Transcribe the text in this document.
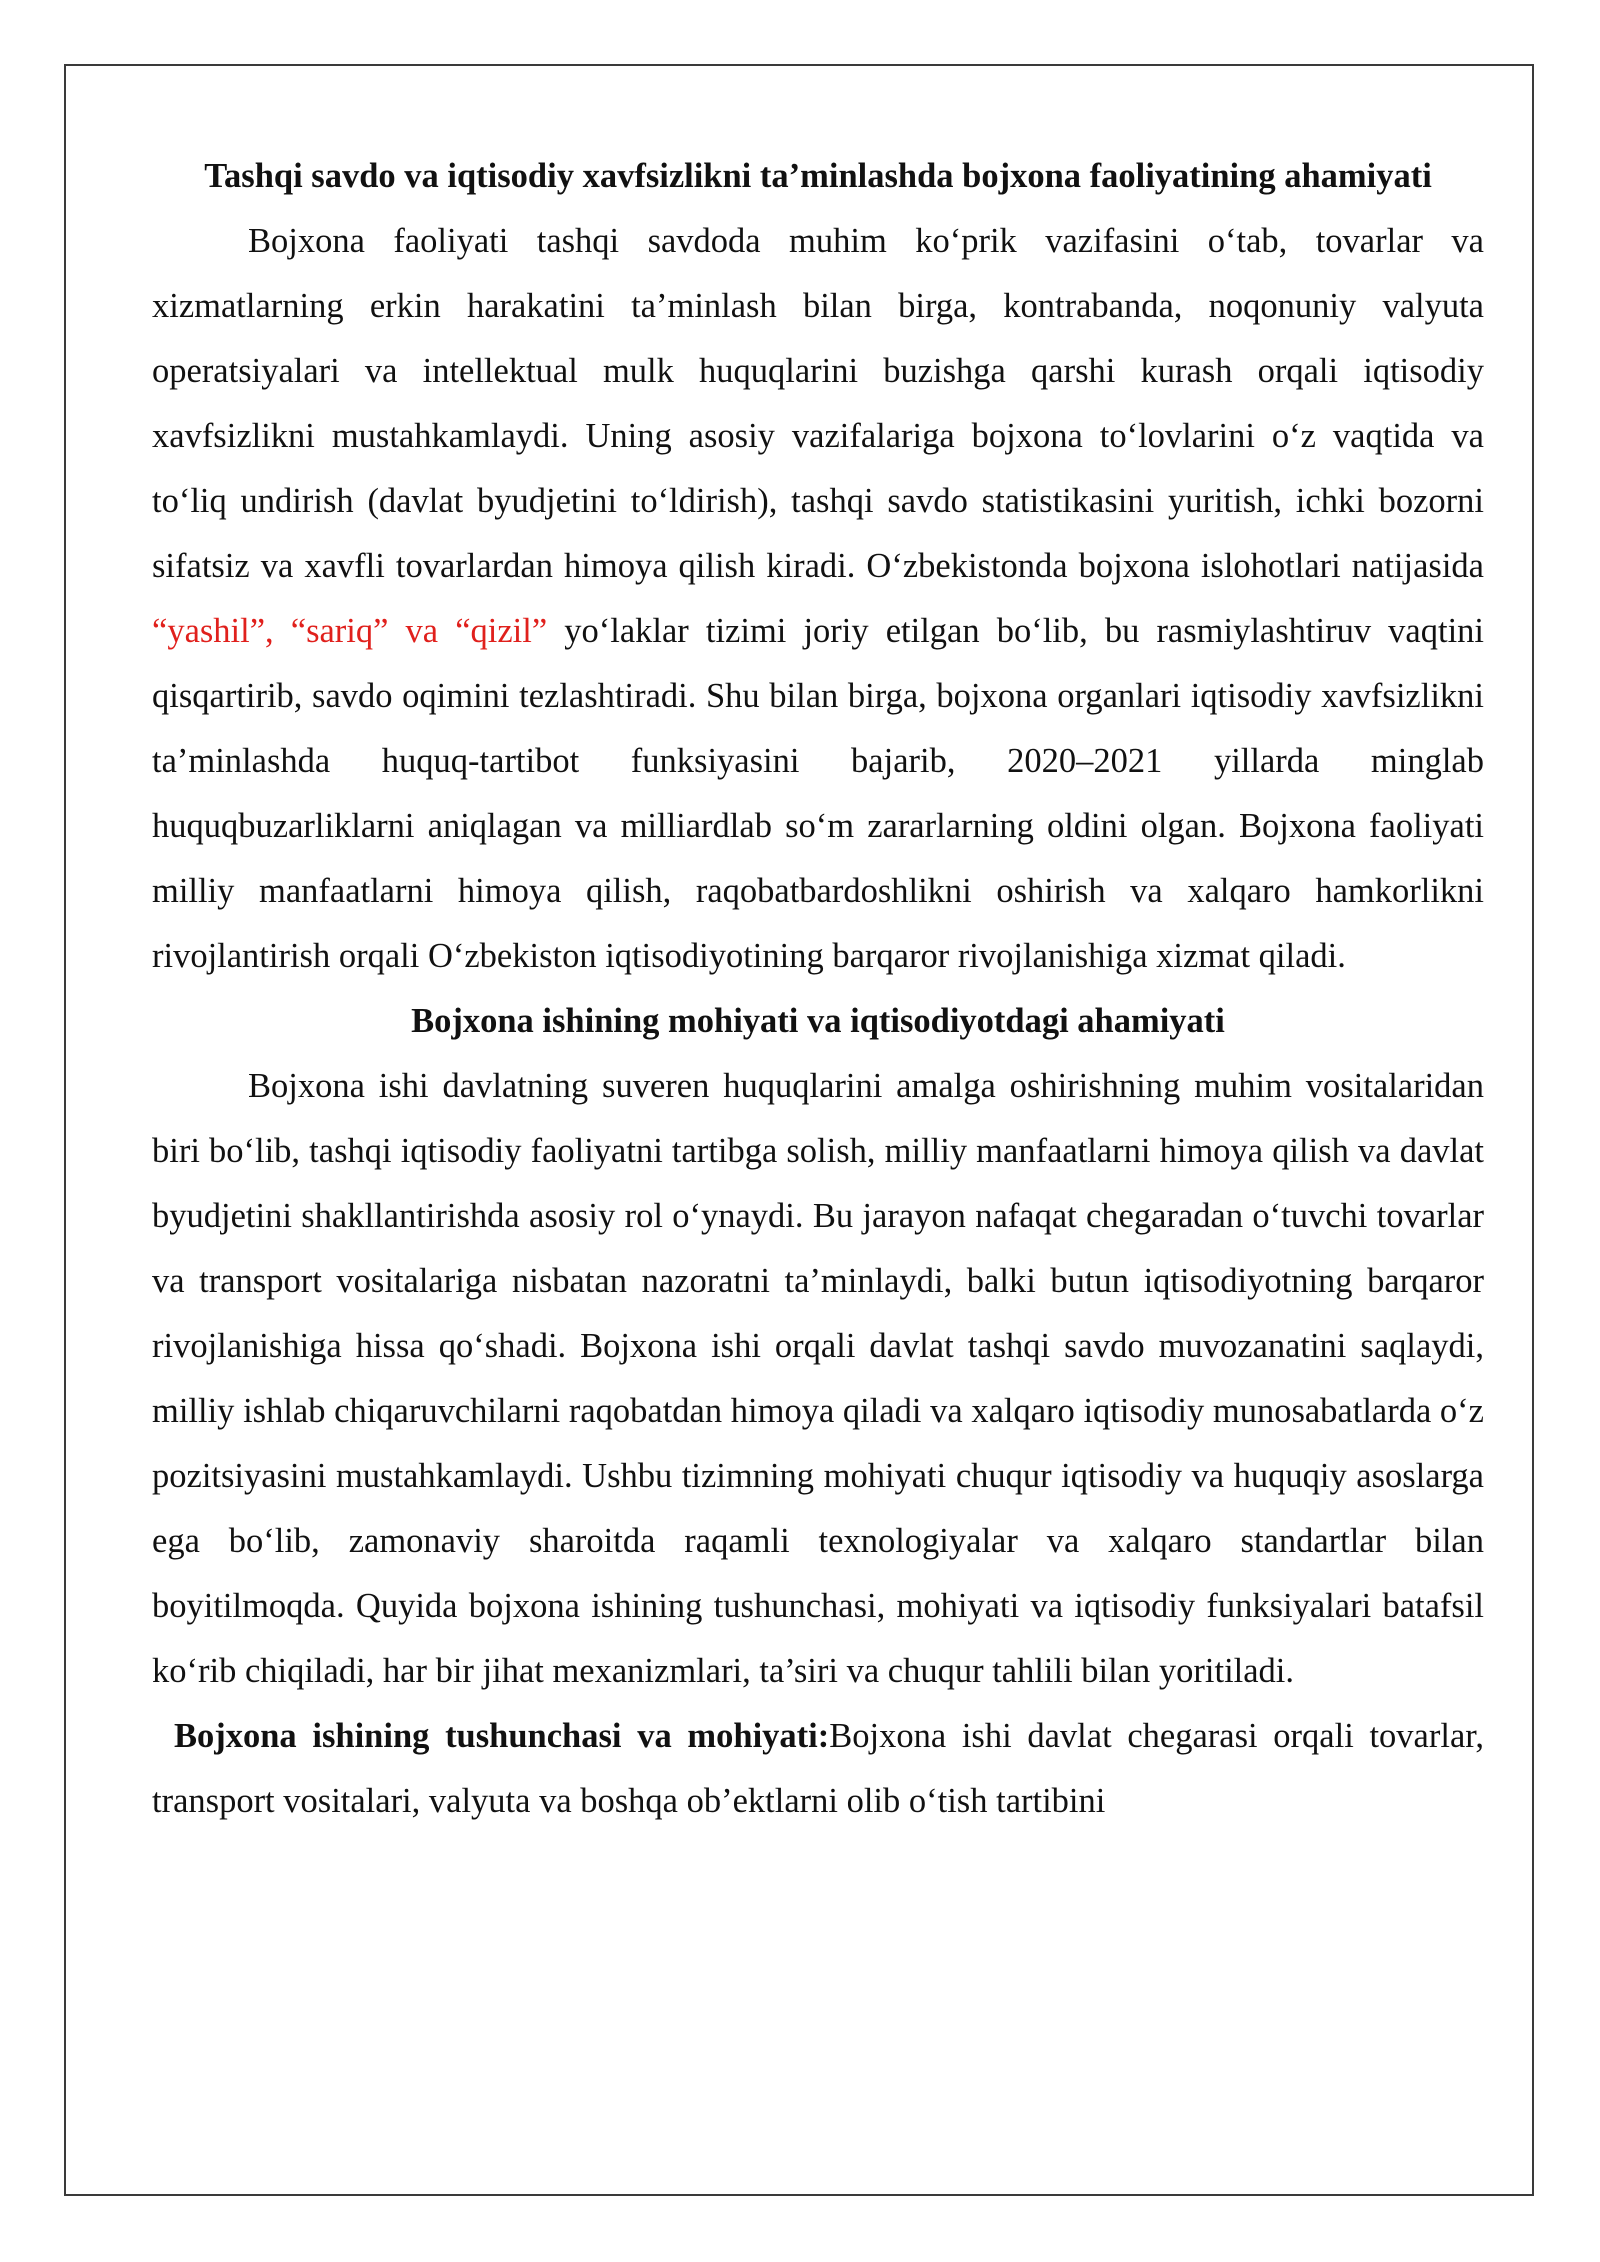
Tashqi savdo va iqtisodiy xavfsizlikni ta’minlashda bojxona faoliyatining ahamiyati

Bojxona faoliyati tashqi savdoda muhim ko‘prik vazifasini o‘tab, tovarlar va xizmatlarning erkin harakatini ta’minlash bilan birga, kontrabanda, noqonuniy valyuta operatsiyalari va intellektual mulk huquqlarini buzishga qarshi kurash orqali iqtisodiy xavfsizlikni mustahkamlaydi. Uning asosiy vazifalariga bojxona to‘lovlarini o‘z vaqtida va to‘liq undirish (davlat byudjetini to‘ldirish), tashqi savdo statistikasini yuritish, ichki bozorni sifatsiz va xavfli tovarlardan himoya qilish kiradi. O‘zbekistonda bojxona islohotlari natijasida “yashil”, “sariq” va “qizil” yo‘laklar tizimi joriy etilgan bo‘lib, bu rasmiylashtiruv vaqtini qisqartirib, savdo oqimini tezlashtiradi. Shu bilan birga, bojxona organlari iqtisodiy xavfsizlikni ta’minlashda huquq-tartibot funksiyasini bajarib, 2020–2021 yillarda minglab huquqbuzarliklarni aniqlagan va milliardlab so‘m zararlarning oldini olgan. Bojxona faoliyati milliy manfaatlarni himoya qilish, raqobatbardoshlikni oshirish va xalqaro hamkorlikni rivojlantirish orqali O‘zbekiston iqtisodiyotining barqaror rivojlanishiga xizmat qiladi.

Bojxona ishining mohiyati va iqtisodiyotdagi ahamiyati

Bojxona ishi davlatning suveren huquqlarini amalga oshirishning muhim vositalaridan biri bo‘lib, tashqi iqtisodiy faoliyatni tartibga solish, milliy manfaatlarni himoya qilish va davlat byudjetini shakllantirishda asosiy rol o‘ynaydi. Bu jarayon nafaqat chegaradan o‘tuvchi tovarlar va transport vositalariga nisbatan nazoratni ta’minlaydi, balki butun iqtisodiyotning barqaror rivojlanishiga hissa qo‘shadi. Bojxona ishi orqali davlat tashqi savdo muvozanatini saqlaydi, milliy ishlab chiqaruvchilarni raqobatdan himoya qiladi va xalqaro iqtisodiy munosabatlarda o‘z pozitsiyasini mustahkamlaydi. Ushbu tizimning mohiyati chuqur iqtisodiy va huquqiy asoslarga ega bo‘lib, zamonaviy sharoitda raqamli texnologiyalar va xalqaro standartlar bilan boyitilmoqda. Quyida bojxona ishining tushunchasi, mohiyati va iqtisodiy funksiyalari batafsil ko‘rib chiqiladi, har bir jihat mexanizmlari, ta’siri va chuqur tahlili bilan yoritiladi.

Bojxona ishining tushunchasi va mohiyati:Bojxona ishi davlat chegarasi orqali tovarlar, transport vositalari, valyuta va boshqa ob’ektlarni olib o‘tish tartibini
